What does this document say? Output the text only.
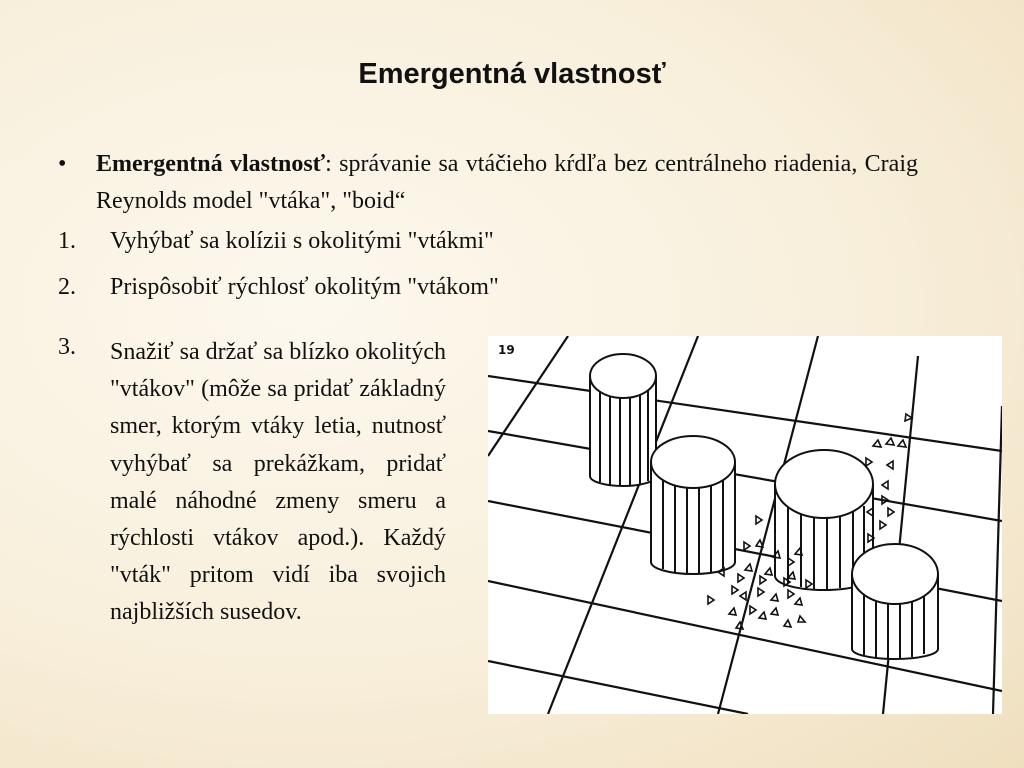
Emergentná vlastnosť
•	Emergentná vlastnosť: správanie sa vtáčieho kŕdľa bez centrálneho riadenia, Craig Reynolds model "vtáka", "boid“
1.	Vyhýbať sa kolízii s okolitými "vtákmi"
2.	Prispôsobiť rýchlosť okolitým "vtákom"
3. Snažiť sa držať sa blízko okolitých "vtákov" (môže sa pridať základný smer, ktorým vtáky letia, nutnosť vyhýbať sa prekážkam, pridať malé náhodné zmeny smeru a rýchlosti vtákov apod.). Každý "vták" pritom vidí iba svojich najbližších susedov.
19
